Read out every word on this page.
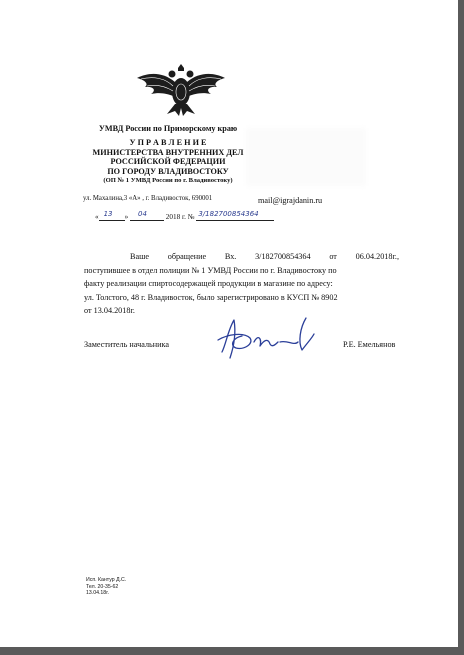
УМВД России по Приморскому краю
У П Р А В Л Е Н И Е
МИНИСТЕРСТВА ВНУТРЕННИХ ДЕЛ
РОССИЙСКОЙ ФЕДЕРАЦИИ
ПО ГОРОДУ ВЛАДИВОСТОКУ
(ОП № 1 УМВД России по г. Владивостоку)
ул. Махалина,3 «А» , г. Владивосток, 690001
« 13 » 04	2018 г. № 3/182700854364
mail@igrajdanin.ru
Ваше обращение Вх. 3/182700854364 от 06.04.2018г.,
поступившее в отдел полиции № 1 УМВД России по г. Владивостоку по
факту реализации спиртосодержащей продукции в магазине по адресу:
ул. Толстого, 48 г. Владивосток, было зарегистрировано в КУСП № 8902
от 13.04.2018г.
Заместитель начальника	Р.Е. Емельянов
Исп. Кантур Д.С.
Тел. 20-35-62
13.04.18г.
